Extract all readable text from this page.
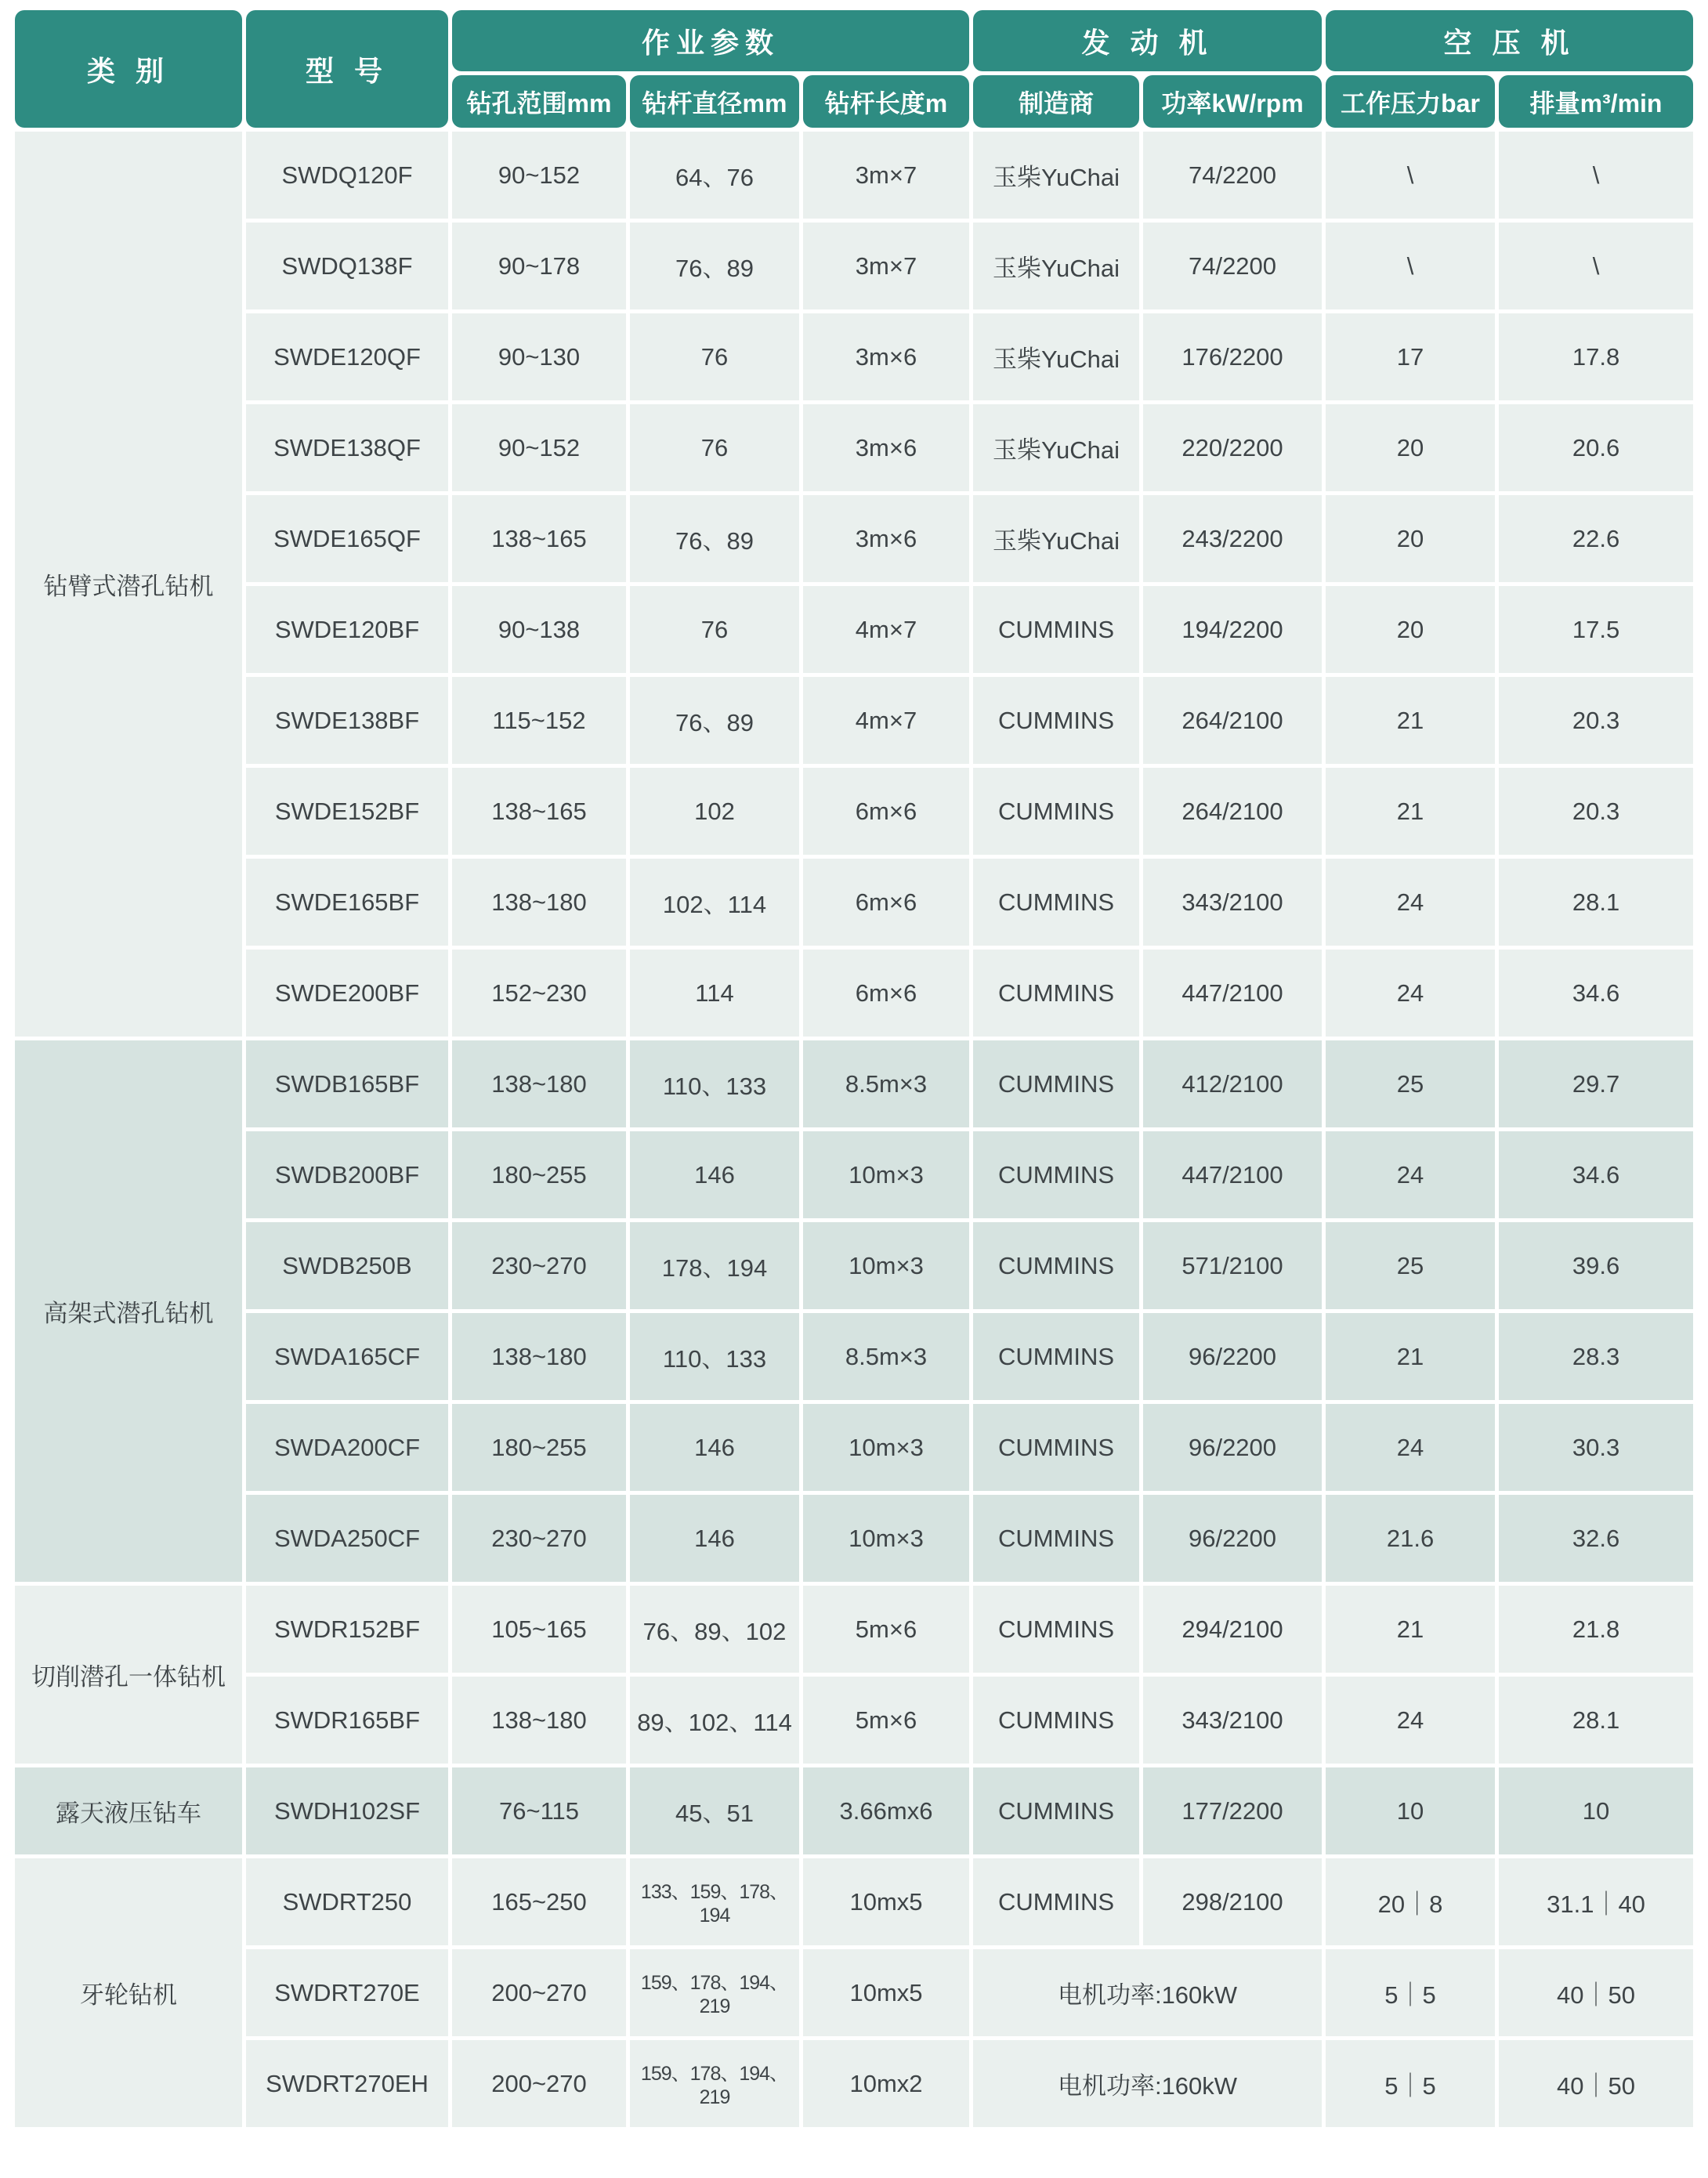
类 别	型 号	作业参数			发 动 机		空 压 机	
		钻孔范围mm	钻杆直径mm	钻杆长度m	制造商	功率kW/rpm	工作压力bar	排量m³/min
钻臂式潜孔钻机	SWDQ120F	90~152	64、76	3m×7	玉柴YuChai	74/2200	\	\
	SWDQ138F	90~178	76、89	3m×7	玉柴YuChai	74/2200	\	\
	SWDE120QF	90~130	76	3m×6	玉柴YuChai	176/2200	17	17.8
	SWDE138QF	90~152	76	3m×6	玉柴YuChai	220/2200	20	20.6
	SWDE165QF	138~165	76、89	3m×6	玉柴YuChai	243/2200	20	22.6
	SWDE120BF	90~138	76	4m×7	CUMMINS	194/2200	20	17.5
	SWDE138BF	115~152	76、89	4m×7	CUMMINS	264/2100	21	20.3
	SWDE152BF	138~165	102	6m×6	CUMMINS	264/2100	21	20.3
	SWDE165BF	138~180	102、114	6m×6	CUMMINS	343/2100	24	28.1
	SWDE200BF	152~230	114	6m×6	CUMMINS	447/2100	24	34.6
高架式潜孔钻机	SWDB165BF	138~180	110、133	8.5m×3	CUMMINS	412/2100	25	29.7
	SWDB200BF	180~255	146	10m×3	CUMMINS	447/2100	24	34.6
	SWDB250B	230~270	178、194	10m×3	CUMMINS	571/2100	25	39.6
	SWDA165CF	138~180	110、133	8.5m×3	CUMMINS	96/2200	21	28.3
	SWDA200CF	180~255	146	10m×3	CUMMINS	96/2200	24	30.3
	SWDA250CF	230~270	146	10m×3	CUMMINS	96/2200	21.6	32.6
切削潜孔一体钻机	SWDR152BF	105~165	76、89、102	5m×6	CUMMINS	294/2100	21	21.8
	SWDR165BF	138~180	89、102、114	5m×6	CUMMINS	343/2100	24	28.1
露天液压钻车	SWDH102SF	76~115	45、51	3.66mx6	CUMMINS	177/2200	10	10
牙轮钻机	SWDRT250	165~250	133、159、178、194	10mx5	CUMMINS	298/2100	20｜8	31.1｜40
	SWDRT270E	200~270	159、178、194、219	10mx5	电机功率:160kW		5｜5	40｜50
	SWDRT270EH	200~270	159、178、194、219	10mx2	电机功率:160kW		5｜5	40｜50
